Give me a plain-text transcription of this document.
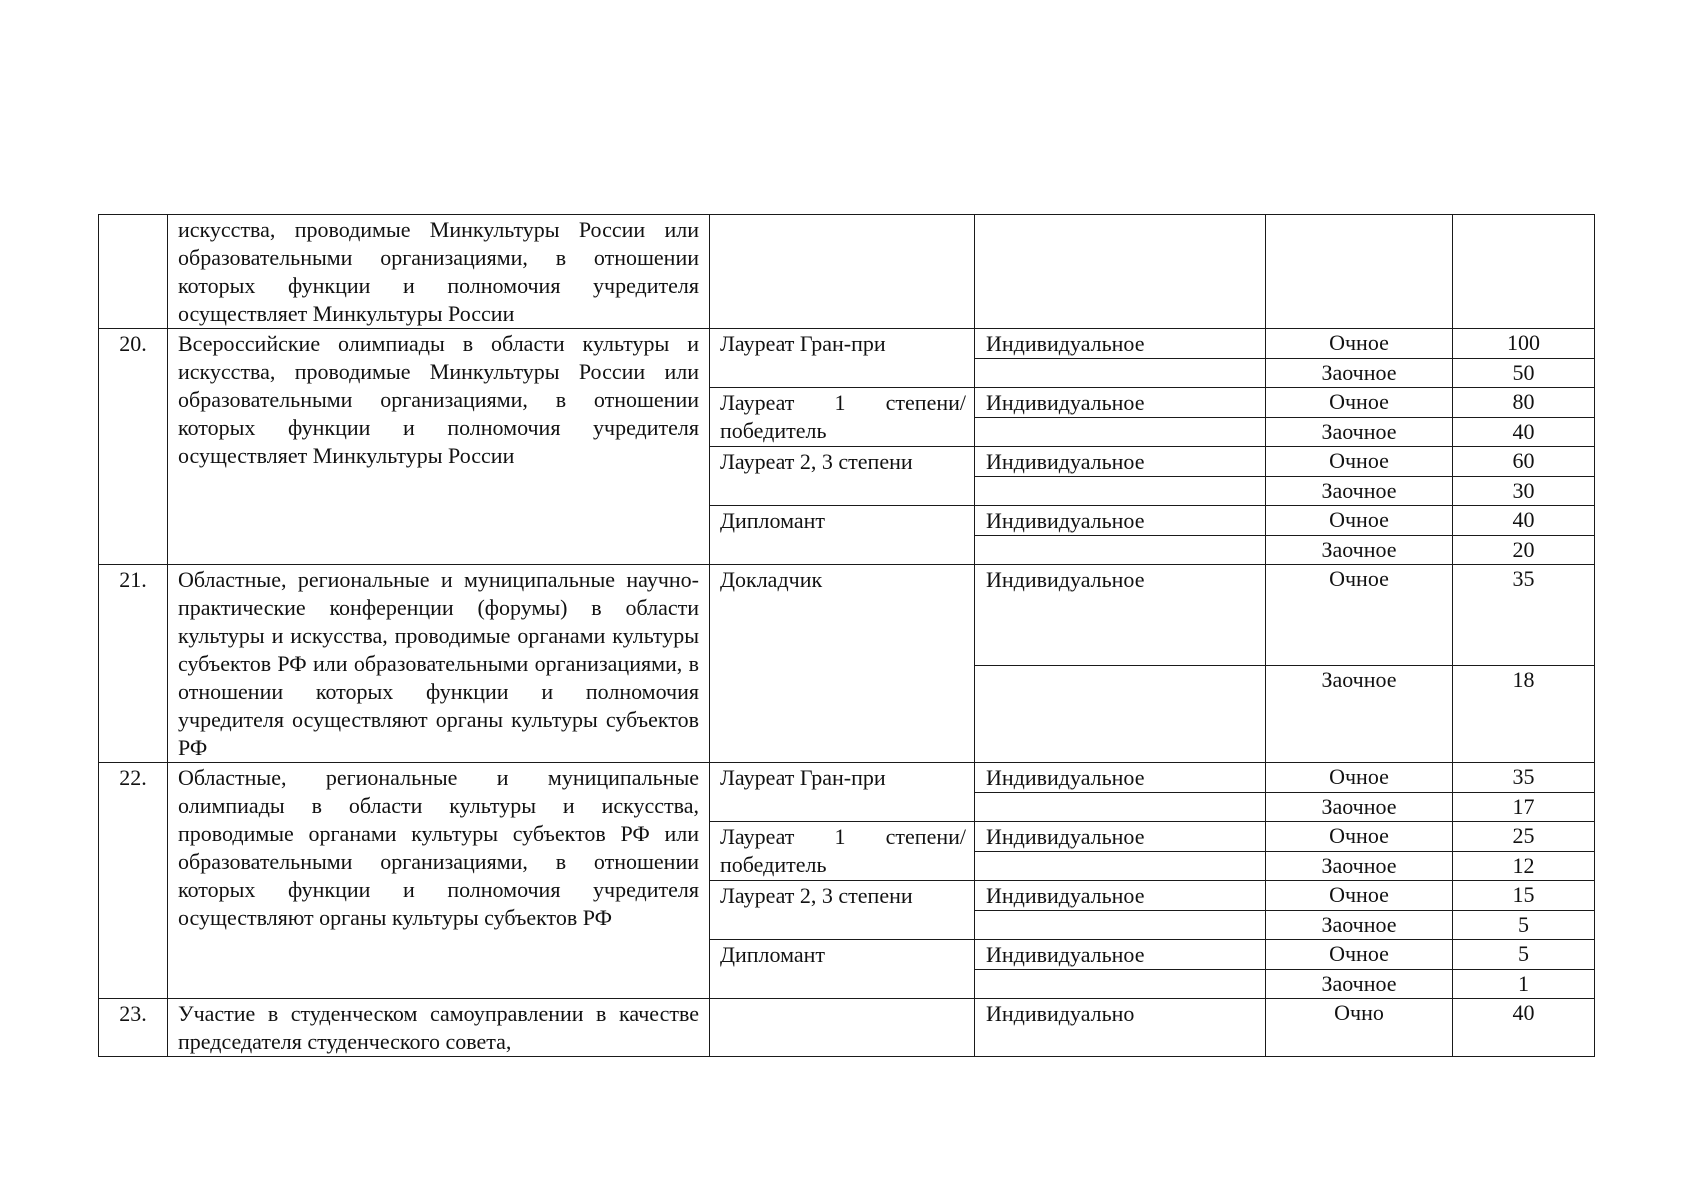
	искусства, проводимые Минкультуры России или образовательными организациями, в отношении которых функции и полномочия учредителя осуществляет Минкультуры России				
20.	Всероссийские олимпиады в области культуры и искусства, проводимые Минкультуры России или образовательными организациями, в отношении которых функции и полномочия учредителя осуществляет Минкультуры России	Лауреат Гран-при	Индивидуальное	Очное	100
				Заочное	50
		Лауреат 1 степени/ победитель	Индивидуальное	Очное	80
				Заочное	40
		Лауреат 2, 3 степени	Индивидуальное	Очное	60
				Заочное	30
		Дипломант	Индивидуальное	Очное	40
				Заочное	20
21.	Областные, региональные и муниципальные научно-практические конференции (форумы) в области культуры и искусства, проводимые органами культуры субъектов РФ или образовательными организациями, в отношении которых функции и полномочия учредителя осуществляют органы культуры субъектов РФ	Докладчик	Индивидуальное	Очное	35
				Заочное	18
22.	Областные, региональные и муниципальные олимпиады в области культуры и искусства, проводимые органами культуры субъектов РФ или образовательными организациями, в отношении которых функции и полномочия учредителя осуществляют органы культуры субъектов РФ	Лауреат Гран-при	Индивидуальное	Очное	35
				Заочное	17
		Лауреат 1 степени/ победитель	Индивидуальное	Очное	25
				Заочное	12
		Лауреат 2, 3 степени	Индивидуальное	Очное	15
				Заочное	5
		Дипломант	Индивидуальное	Очное	5
				Заочное	1
23.	Участие в студенческом самоуправлении в качестве председателя студенческого совета,		Индивидуально	Очно	40
